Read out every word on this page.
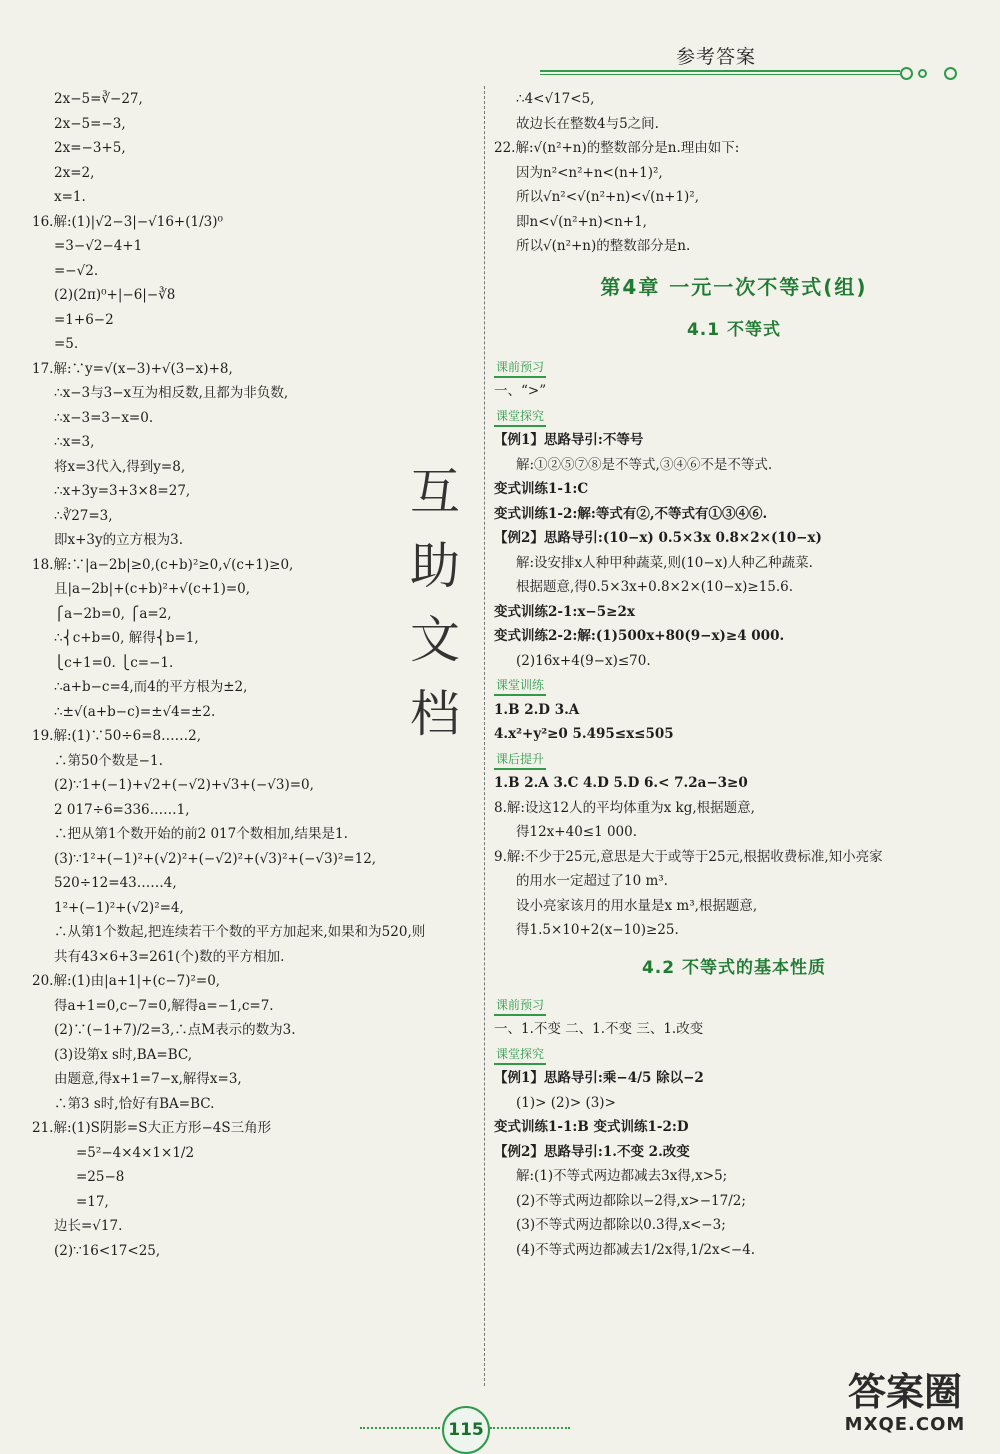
参考答案
2x−5=∛−27,
2x−5=−3,
2x=−3+5,
2x=2,
x=1.
16.解:(1)|√2−3|−√16+(1/3)⁰
=3−√2−4+1
=−√2.
(2)(2π)⁰+|−6|−∛8
=1+6−2
=5.
17.解:∵y=√(x−3)+√(3−x)+8,
∴x−3与3−x互为相反数,且都为非负数,
∴x−3=3−x=0.
∴x=3,
将x=3代入,得到y=8,
∴x+3y=3+3×8=27,
∴∛27=3,
即x+3y的立方根为3.
18.解:∵|a−2b|≥0,(c+b)²≥0,√(c+1)≥0,
且|a−2b|+(c+b)²+√(c+1)=0,
⎧a−2b=0, ⎧a=2,
∴⎨c+b=0, 解得⎨b=1,
⎩c+1=0. ⎩c=−1.
∴a+b−c=4,而4的平方根为±2,
∴±√(a+b−c)=±√4=±2.
19.解:(1)∵50÷6=8……2,
∴第50个数是−1.
(2)∵1+(−1)+√2+(−√2)+√3+(−√3)=0,
2 017÷6=336……1,
∴把从第1个数开始的前2 017个数相加,结果是1.
(3)∵1²+(−1)²+(√2)²+(−√2)²+(√3)²+(−√3)²=12,
520÷12=43……4,
1²+(−1)²+(√2)²=4,
∴从第1个数起,把连续若干个数的平方加起来,如果和为520,则
共有43×6+3=261(个)数的平方相加.
20.解:(1)由|a+1|+(c−7)²=0,
得a+1=0,c−7=0,解得a=−1,c=7.
(2)∵(−1+7)/2=3,∴点M表示的数为3.
(3)设第x s时,BA=BC,
由题意,得x+1=7−x,解得x=3,
∴第3 s时,恰好有BA=BC.
21.解:(1)S阴影=S大正方形−4S三角形
=5²−4×4×1×1/2
=25−8
=17,
边长=√17.
(2)∵16<17<25,
∴4<√17<5,
故边长在整数4与5之间.
22.解:√(n²+n)的整数部分是n.理由如下:
因为n²<n²+n<(n+1)²,
所以√n²<√(n²+n)<√(n+1)²,
即n<√(n²+n)<n+1,
所以√(n²+n)的整数部分是n.
第4章 一元一次不等式(组)
4.1 不等式
课前预习
一、“>”
课堂探究
【例1】思路导引:不等号
解:①②⑤⑦⑧是不等式,③④⑥不是不等式.
变式训练1-1:C
变式训练1-2:解:等式有②,不等式有①③④⑥.
【例2】思路导引:(10−x) 0.5×3x 0.8×2×(10−x)
解:设安排x人种甲种蔬菜,则(10−x)人种乙种蔬菜.
根据题意,得0.5×3x+0.8×2×(10−x)≥15.6.
变式训练2-1:x−5≥2x
变式训练2-2:解:(1)500x+80(9−x)≥4 000.
(2)16x+4(9−x)≤70.
课堂训练
1.B 2.D 3.A
4.x²+y²≥0 5.495≤x≤505
课后提升
1.B 2.A 3.C 4.D 5.D 6.< 7.2a−3≥0
8.解:设这12人的平均体重为x kg,根据题意,
得12x+40≤1 000.
9.解:不少于25元,意思是大于或等于25元,根据收费标准,知小亮家
的用水一定超过了10 m³.
设小亮家该月的用水量是x m³,根据题意,
得1.5×10+2(x−10)≥25.
4.2 不等式的基本性质
课前预习
一、1.不变 二、1.不变 三、1.改变
课堂探究
【例1】思路导引:乘−4/5 除以−2
(1)> (2)> (3)>
变式训练1-1:B 变式训练1-2:D
【例2】思路导引:1.不变 2.改变
解:(1)不等式两边都减去3x得,x>5;
(2)不等式两边都除以−2得,x>−17/2;
(3)不等式两边都除以0.3得,x<−3;
(4)不等式两边都减去1/2x得,1/2x<−4.
互
助
文
档
115
答案圈
MXQE.COM
